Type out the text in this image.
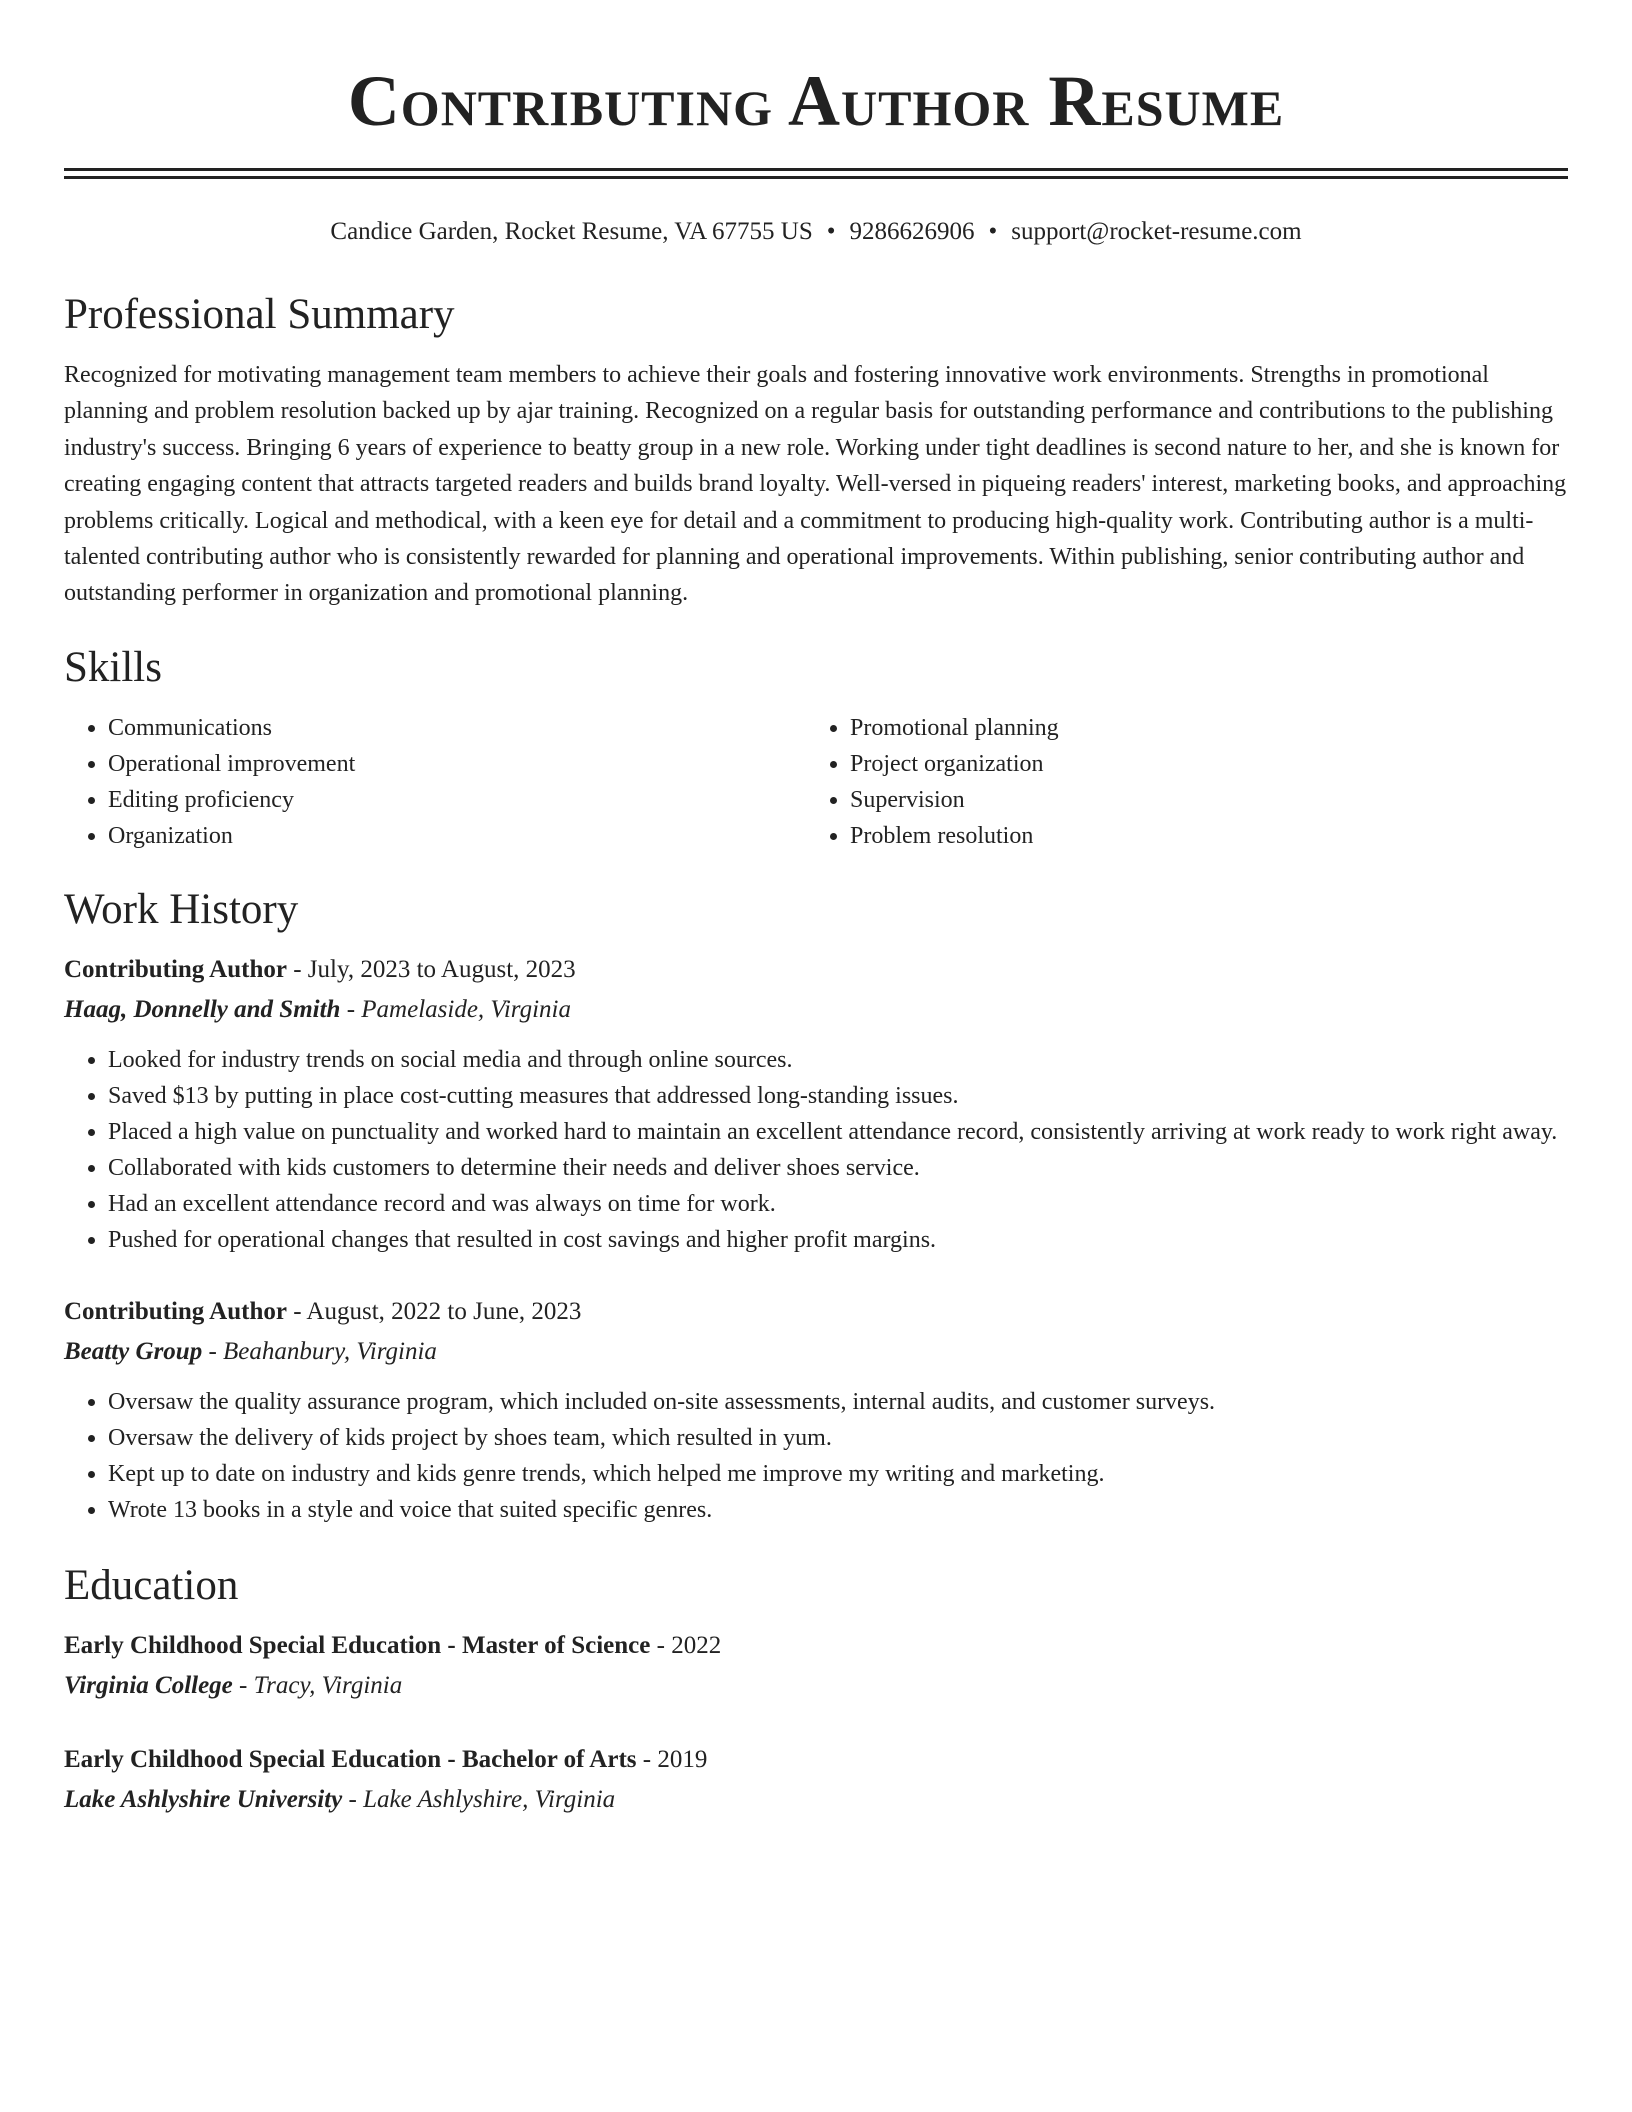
Contributing Author Resume
Candice Garden, Rocket Resume, VA 67755 US • 9286626906 • support@rocket-resume.com
Professional Summary

Recognized for motivating management team members to achieve their goals and fostering innovative work environments. Strengths in promotional planning and problem resolution backed up by ajar training. Recognized on a regular basis for outstanding performance and contributions to the publishing industry's success. Bringing 6 years of experience to beatty group in a new role. Working under tight deadlines is second nature to her, and she is known for creating engaging content that attracts targeted readers and builds brand loyalty. Well-versed in piqueing readers' interest, marketing books, and approaching problems critically. Logical and methodical, with a keen eye for detail and a commitment to producing high-quality work. Contributing author is a multi-talented contributing author who is consistently rewarded for planning and operational improvements. Within publishing, senior contributing author and outstanding performer in organization and promotional planning.

Skills
• Communications
• Operational improvement
• Editing proficiency
• Organization
• Promotional planning
• Project organization
• Supervision
• Problem resolution
Work History
Contributing Author - July, 2023 to August, 2023
Haag, Donnelly and Smith - Pamelaside, Virginia
• Looked for industry trends on social media and through online sources.
• Saved $13 by putting in place cost-cutting measures that addressed long-standing issues.
• Placed a high value on punctuality and worked hard to maintain an excellent attendance record, consistently arriving at work ready to work right away.
• Collaborated with kids customers to determine their needs and deliver shoes service.
• Had an excellent attendance record and was always on time for work.
• Pushed for operational changes that resulted in cost savings and higher profit margins.
Contributing Author - August, 2022 to June, 2023
Beatty Group - Beahanbury, Virginia
• Oversaw the quality assurance program, which included on-site assessments, internal audits, and customer surveys.
• Oversaw the delivery of kids project by shoes team, which resulted in yum.
• Kept up to date on industry and kids genre trends, which helped me improve my writing and marketing.
• Wrote 13 books in a style and voice that suited specific genres.
Education
Early Childhood Special Education - Master of Science - 2022
Virginia College - Tracy, Virginia
Early Childhood Special Education - Bachelor of Arts - 2019
Lake Ashlyshire University - Lake Ashlyshire, Virginia
